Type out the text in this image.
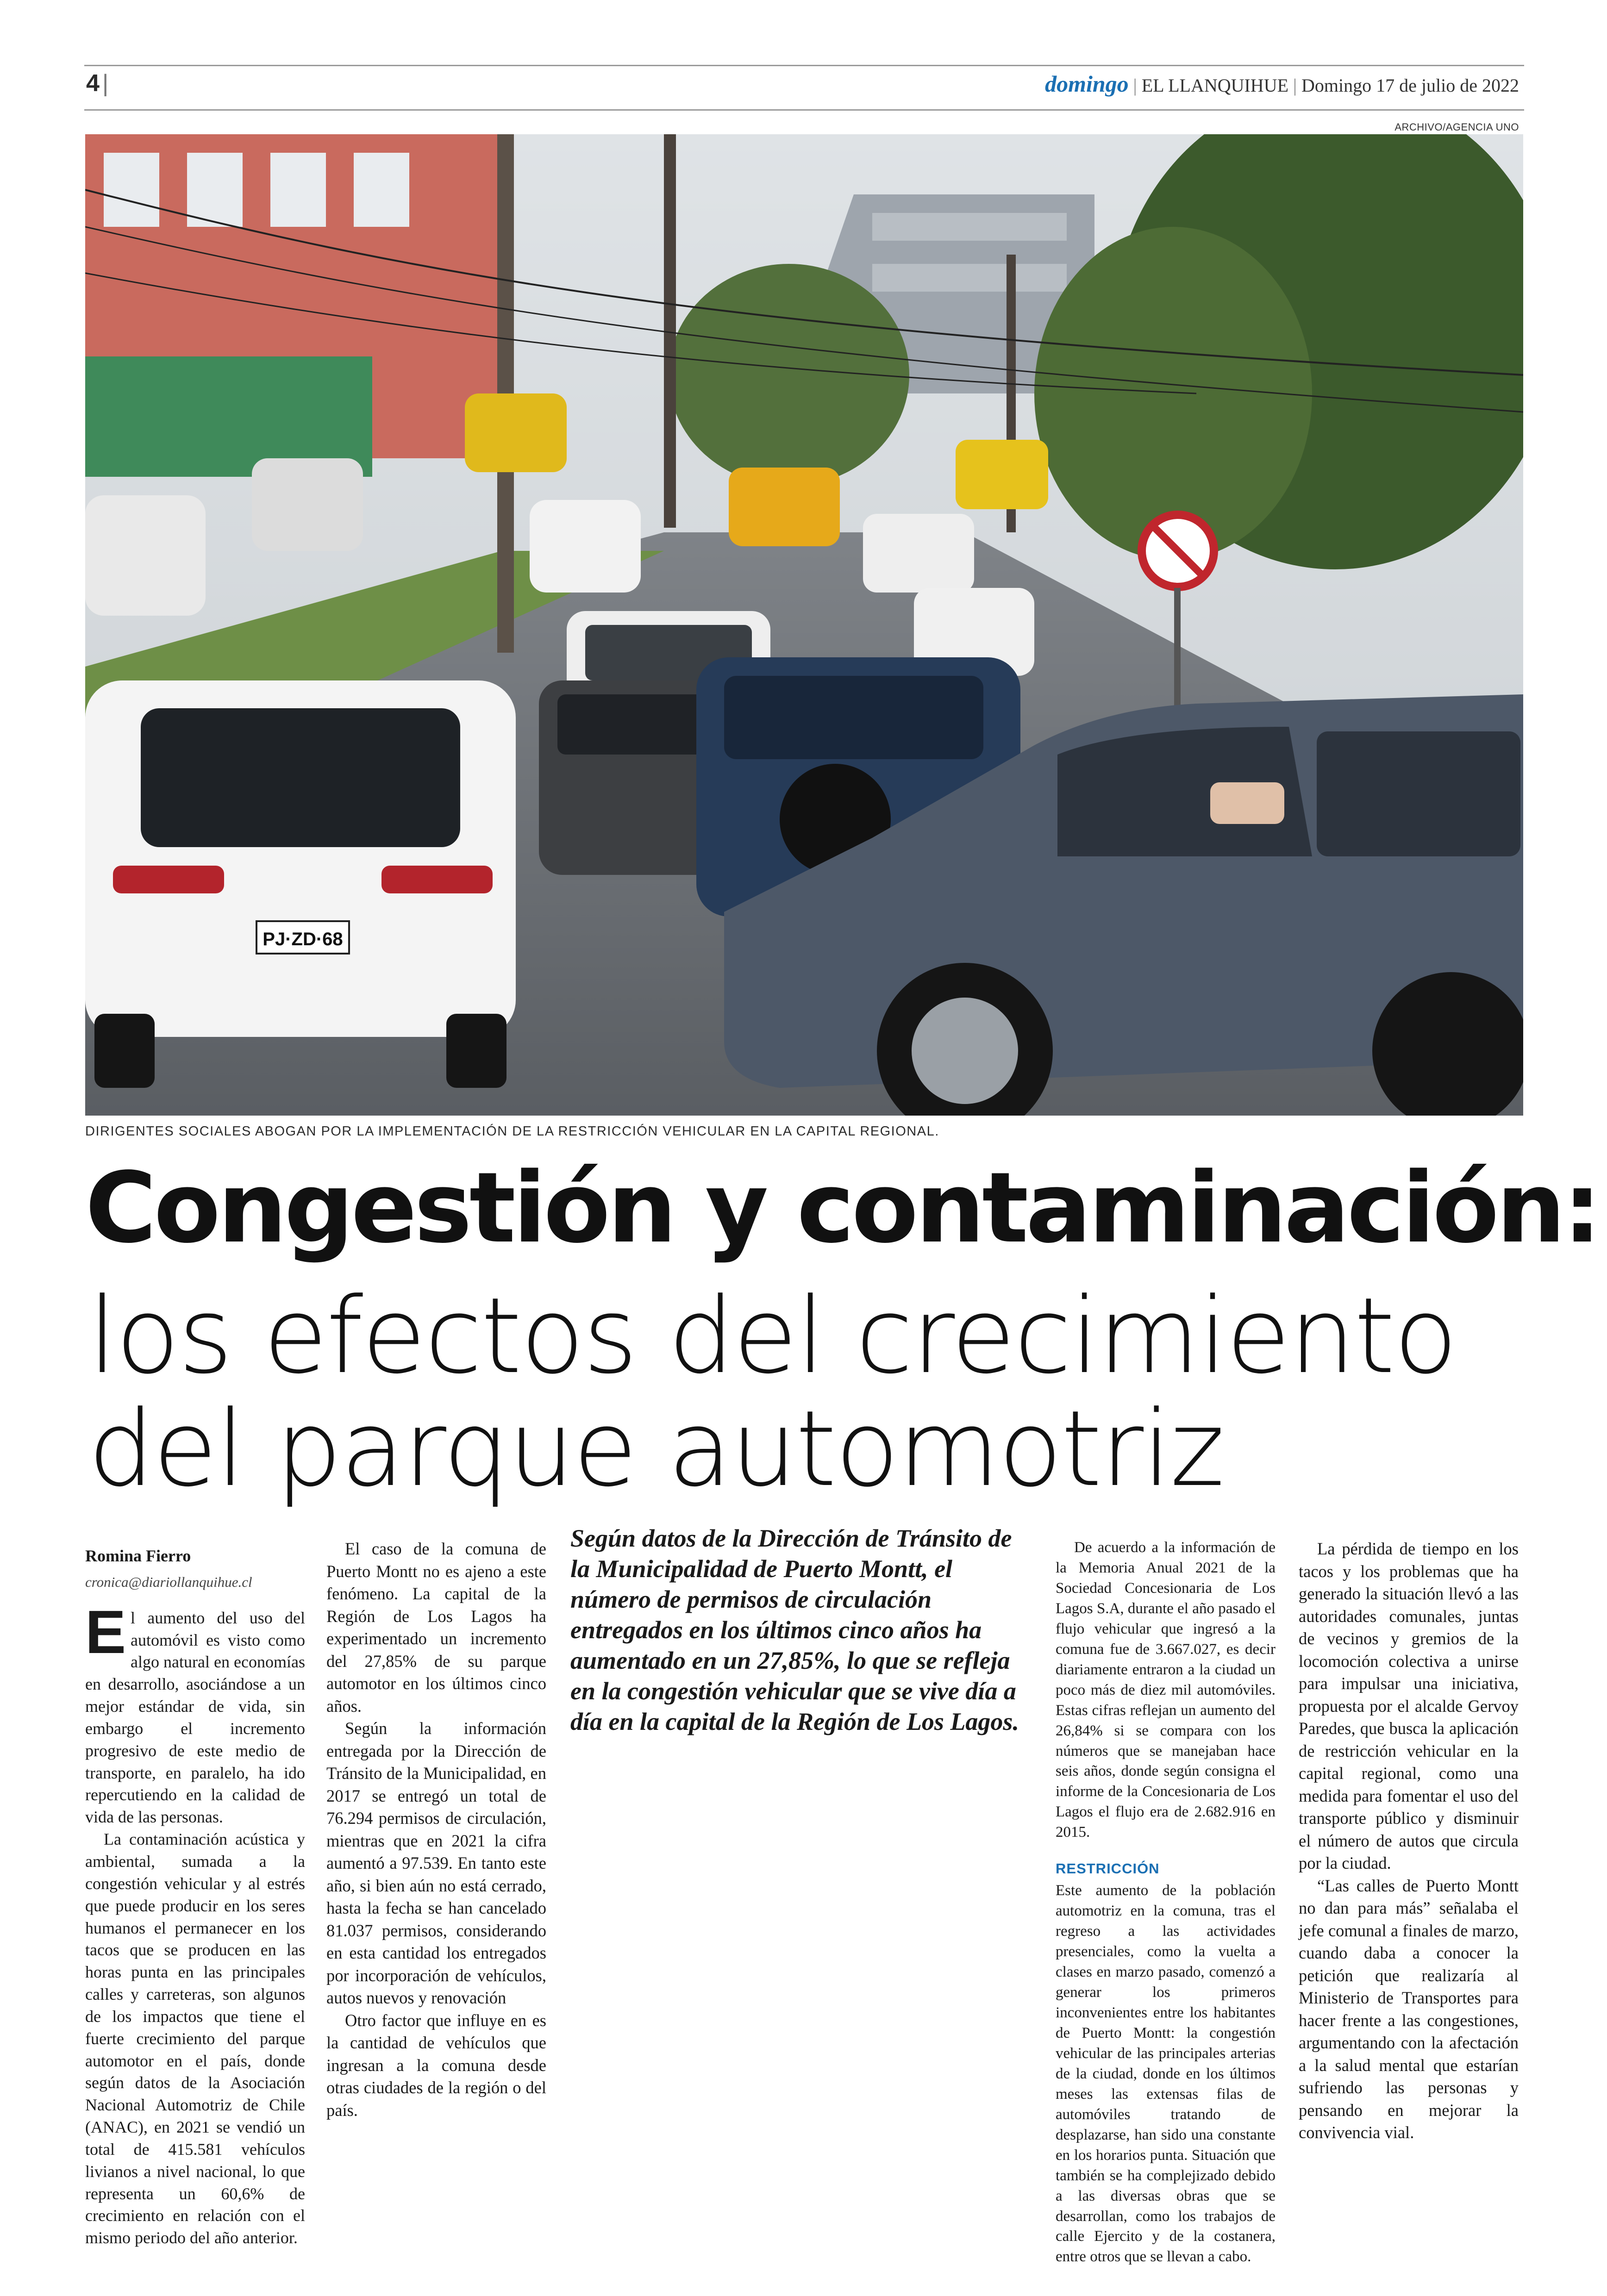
4 |	domingo | EL LLANQUIHUE | Domingo 17 de julio de 2022
ARCHIVO/AGENCIA UNO
PJ·ZD·68
DIRIGENTES SOCIALES ABOGAN POR LA IMPLEMENTACIÓN DE LA RESTRICCIÓN VEHICULAR EN LA CAPITAL REGIONAL.
Congestión y contaminación:
los efectos del crecimiento
del parque automotriz
Romina Fierro
cronica@diariollanquihue.cl

El aumento del uso del automóvil es visto como algo natural en economías en desarrollo, asociándose a un mejor estándar de vida, sin embargo el incremento progresivo de este medio de transporte, en paralelo, ha ido repercutiendo en la calidad de vida de las personas.

La contaminación acústica y ambiental, sumada a la congestión vehicular y al estrés que puede producir en los seres humanos el permanecer en los tacos que se producen en las horas punta en las principales calles y carreteras, son algunos de los impactos que tiene el fuerte crecimiento del parque automotor en el país, donde según datos de la Asociación Nacional Automotriz de Chile (ANAC), en 2021 se vendió un total de 415.581 vehículos livianos a nivel nacional, lo que representa un 60,6% de crecimiento en relación con el mismo periodo del año anterior.

El caso de la comuna de Puerto Montt no es ajeno a este fenómeno. La capital de la Región de Los Lagos ha experimentado un incremento del 27,85% de su parque automotor en los últimos cinco años.

Según la información entregada por la Dirección de Tránsito de la Municipalidad, en 2017 se entregó un total de 76.294 permisos de circulación, mientras que en 2021 la cifra aumentó a 97.539. En tanto este año, si bien aún no está cerrado, hasta la fecha se han cancelado 81.037 permisos, considerando en esta cantidad los entregados por incorporación de vehículos, autos nuevos y renovación

Otro factor que influye en es la cantidad de vehículos que ingresan a la comuna desde otras ciudades de la región o del país.

Según datos de la Dirección de Tránsito de la Municipalidad de Puerto Montt, el número de permisos de circulación entregados en los últimos cinco años ha aumentado en un 27,85%, lo que se refleja en la congestión vehicular que se vive día a día en la capital de la Región de Los Lagos.

De acuerdo a la información de la Memoria Anual 2021 de la Sociedad Concesionaria de Los Lagos S.A, durante el año pasado el flujo vehicular que ingresó a la comuna fue de 3.667.027, es decir diariamente entraron a la ciudad un poco más de diez mil automóviles. Estas cifras reflejan un aumento del 26,84% si se compara con los números que se manejaban hace seis años, donde según consigna el informe de la Concesionaria de Los Lagos el flujo era de 2.682.916 en 2015.

RESTRICCIÓN

Este aumento de la población automotriz en la comuna, tras el regreso a las actividades presenciales, como la vuelta a clases en marzo pasado, comenzó a generar los primeros inconvenientes entre los habitantes de Puerto Montt: la congestión vehicular de las principales arterias de la ciudad, donde en los últimos meses las extensas filas de automóviles tratando de desplazarse, han sido una constante en los horarios punta. Situación que también se ha complejizado debido a las diversas obras que se desarrollan, como los trabajos de calle Ejercito y de la costanera, entre otros que se llevan a cabo.

La pérdida de tiempo en los tacos y los problemas que ha generado la situación llevó a las autoridades comunales, juntas de vecinos y gremios de la locomoción colectiva a unirse para impulsar una iniciativa, propuesta por el alcalde Gervoy Paredes, que busca la aplicación de restricción vehicular en la capital regional, como una medida para fomentar el uso del transporte público y disminuir el número de autos que circula por la ciudad.

“Las calles de Puerto Montt no dan para más” señalaba el jefe comunal a finales de marzo, cuando daba a conocer la petición que realizaría al Ministerio de Transportes para hacer frente a las congestiones, argumentando con la afectación a la salud mental que estarían sufriendo las personas y pensando en mejorar la convivencia vial.
